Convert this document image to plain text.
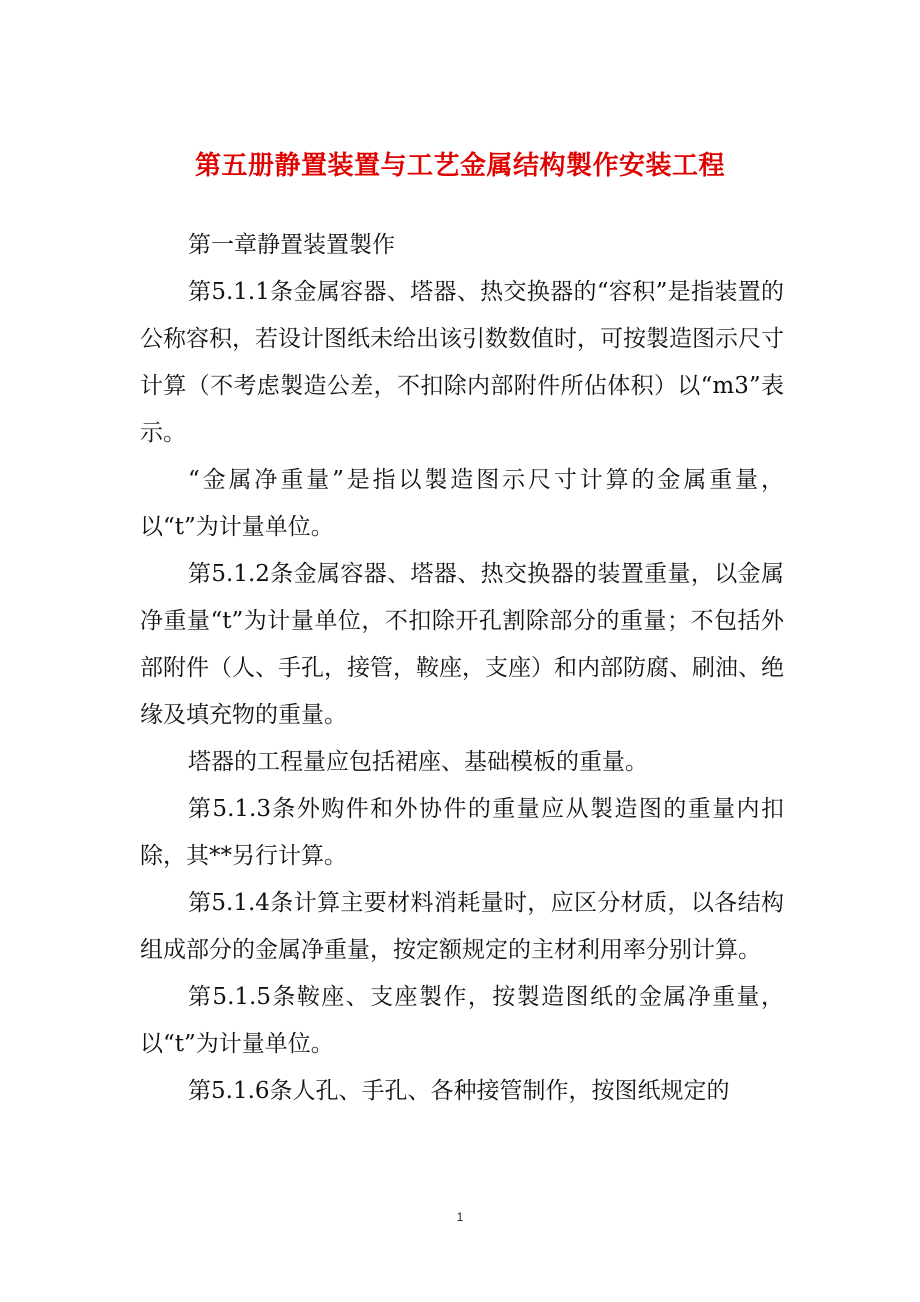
第五册静置装置与工艺金属结构製作安装工程

第一章静置装置製作

第5.1.1条金属容器、塔器、热交换器的“容积”是指装置的公称容积，若设计图纸未给出该引数数值时，可按製造图示尺寸计算（不考虑製造公差，不扣除内部附件所佔体积）以“m3”表示。

“金属净重量”是指以製造图示尺寸计算的金属重量，以“t”为计量单位。

第5.1.2条金属容器、塔器、热交换器的装置重量，以金属净重量“t”为计量单位，不扣除开孔割除部分的重量；不包括外部附件（人、手孔，接管，鞍座，支座）和内部防腐、刷油、绝缘及填充物的重量。

塔器的工程量应包括裙座、基础模板的重量。

第5.1.3条外购件和外协件的重量应从製造图的重量内扣除，其**另行计算。

第5.1.4条计算主要材料消耗量时，应区分材质，以各结构组成部分的金属净重量，按定额规定的主材利用率分别计算。

第5.1.5条鞍座、支座製作，按製造图纸的金属净重量，以“t”为计量单位。

第5.1.6条人孔、手孔、各种接管制作，按图纸规定的

1
